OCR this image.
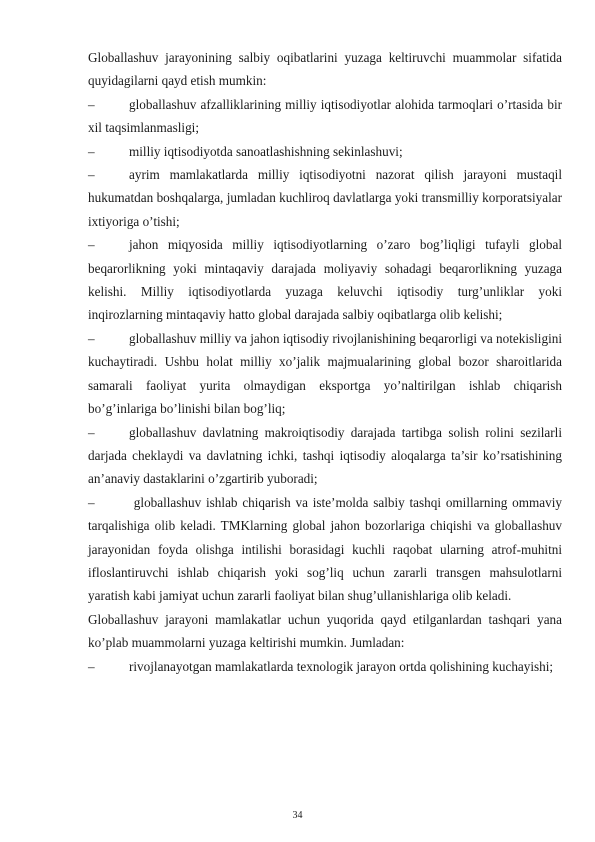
Globallashuv jarayonining salbiy oqibatlarini yuzaga keltiruvchi muammolar sifatida quyidagilarni qayd etish mumkin:

–	globallashuv afzalliklarining milliy iqtisodiyotlar alohida tarmoqlari o’rtasida bir xil taqsimlanmasligi;

–	milliy iqtisodiyotda sanoatlashishning sekinlashuvi;

–	ayrim mamlakatlarda milliy iqtisodiyotni nazorat qilish jarayoni mustaqil hukumatdan boshqalarga, jumladan kuchliroq davlatlarga yoki transmilliy korporatsiyalar ixtiyoriga o’tishi;

–	jahon miqyosida milliy iqtisodiyotlarning o’zaro bog’liqligi tufayli global beqarorlikning yoki mintaqaviy darajada moliyaviy sohadagi beqarorlikning yuzaga kelishi. Milliy iqtisodiyotlarda yuzaga keluvchi iqtisodiy turg’unliklar yoki inqirozlarning mintaqaviy hatto global darajada salbiy oqibatlarga olib kelishi;

–	globallashuv milliy va jahon iqtisodiy rivojlanishining beqarorligi va notekisligini kuchaytiradi. Ushbu holat milliy xo’jalik majmualarining global bozor sharoitlarida samarali faoliyat yurita olmaydigan eksportga yo’naltirilgan ishlab chiqarish bo’g’inlariga bo’linishi bilan bog’liq;

–	globallashuv davlatning makroiqtisodiy darajada tartibga solish rolini sezilarli darjada cheklaydi va davlatning ichki, tashqi iqtisodiy aloqalarga ta’sir ko’rsatishining an’anaviy dastaklarini o’zgartirib yuboradi;

–	globallashuv ishlab chiqarish va iste’molda salbiy tashqi omillarning ommaviy tarqalishiga olib keladi. TMKlarning global jahon bozorlariga chiqishi va globallashuv jarayonidan foyda olishga intilishi borasidagi kuchli raqobat ularning atrof-muhitni ifloslantiruvchi ishlab chiqarish yoki sog’liq uchun zararli transgen mahsulotlarni yaratish kabi jamiyat uchun zararli faoliyat bilan shug’ullanishlariga olib keladi.

Globallashuv jarayoni mamlakatlar uchun yuqorida qayd etilganlardan tashqari yana ko’plab muammolarni yuzaga keltirishi mumkin. Jumladan:

–	rivojlanayotgan mamlakatlarda texnologik jarayon ortda qolishining kuchayishi;

34
